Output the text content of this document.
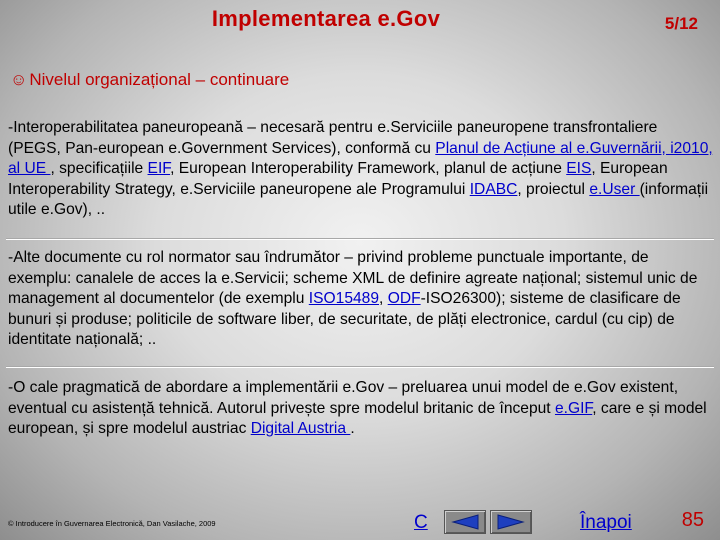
Implementarea e.Gov	5/12
☺ Nivelul organizațional – continuare
-Interoperabilitatea paneuropeană – necesară pentru e.Serviciile paneuropene transfrontaliere (PEGS, Pan-european e.Government Services), conformă cu Planul de Acțiune al e.Guvernării, i2010, al UE , specificațiile EIF, European Interoperability Framework, planul de acțiune EIS, European Interoperability Strategy, e.Serviciile paneuropene ale Programului IDABC, proiectul e.User (informații utile e.Gov), ..
-Alte documente cu rol normator sau îndrumător – privind probleme punctuale importante, de exemplu: canalele de acces la e.Servicii; scheme XML de definire agreate național; sistemul unic de management al documentelor (de exemplu ISO15489, ODF-ISO26300); sisteme de clasificare de bunuri și produse; politicile de software liber, de securitate, de plăți electronice, cardul (cu cip) de identitate națională; ..
-O cale pragmatică de abordare a implementării e.Gov – preluarea unui model de e.Gov existent, eventual cu asistență tehnică. Autorul privește spre modelul britanic de început e.GIF, care e și model european, și spre modelul austriac Digital Austria .
© Introducere în Guvernarea Electronică, Dan Vasilache, 2009	C	Înapoi 85
